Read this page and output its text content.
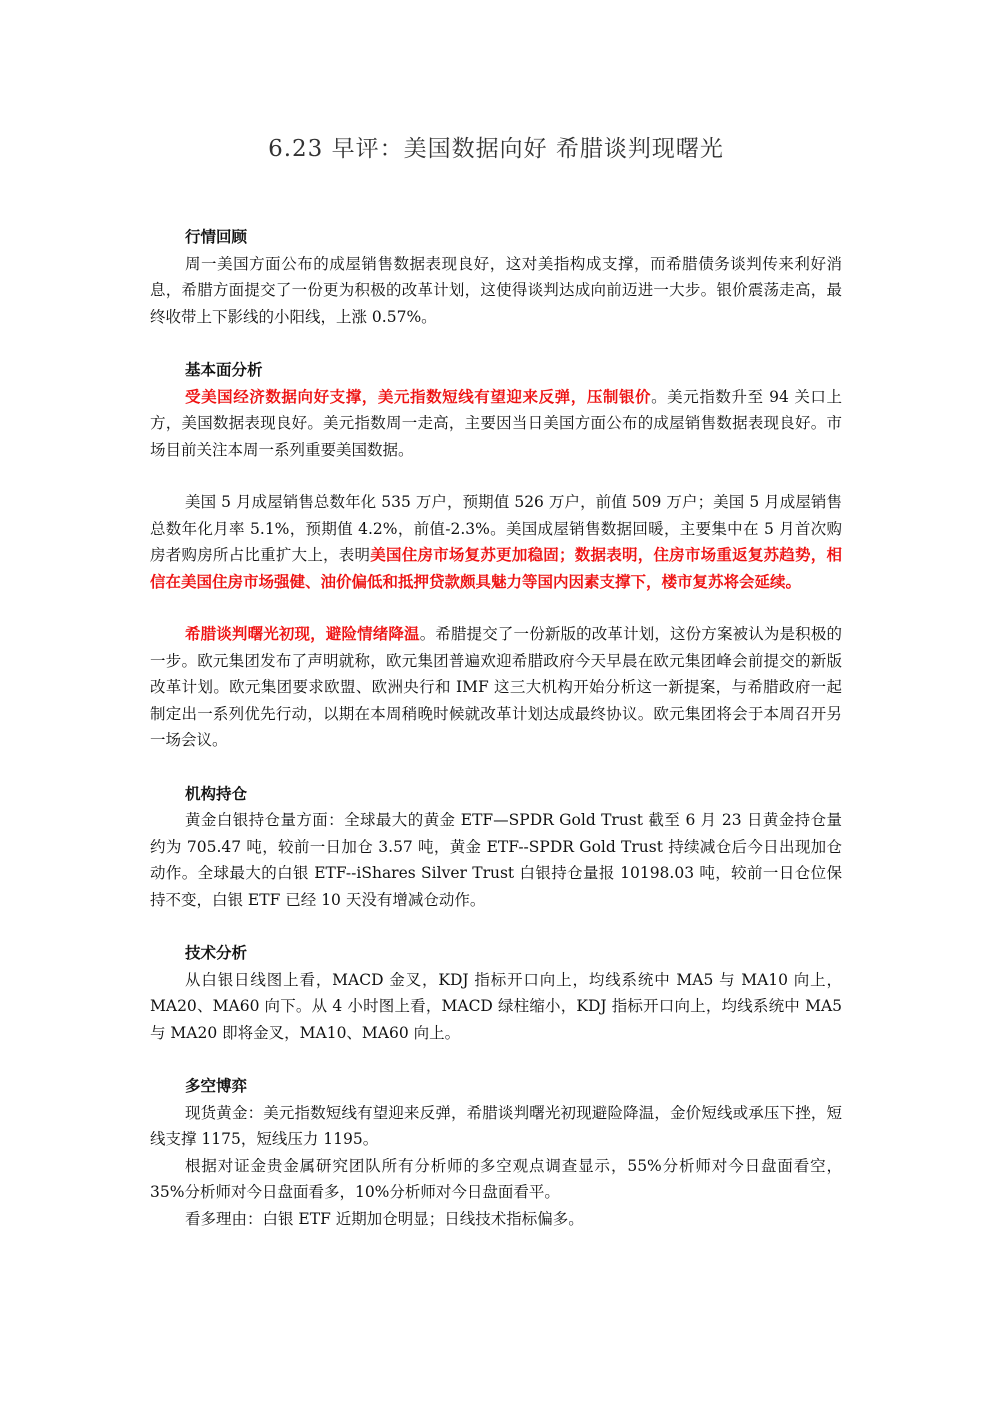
6.23 早评：美国数据向好 希腊谈判现曙光
行情回顾

周一美国方面公布的成屋销售数据表现良好，这对美指构成支撑，而希腊债务谈判传来利好消息，希腊方面提交了一份更为积极的改革计划，这使得谈判达成向前迈进一大步。银价震荡走高，最终收带上下影线的小阳线，上涨 0.57%。

基本面分析

受美国经济数据向好支撑，美元指数短线有望迎来反弹，压制银价。美元指数升至 94 关口上方，美国数据表现良好。美元指数周一走高，主要因当日美国方面公布的成屋销售数据表现良好。市场目前关注本周一系列重要美国数据。

美国 5 月成屋销售总数年化 535 万户，预期值 526 万户，前值 509 万户；美国 5 月成屋销售总数年化月率 5.1%，预期值 4.2%，前值-2.3%。美国成屋销售数据回暖，主要集中在 5 月首次购房者购房所占比重扩大上，表明美国住房市场复苏更加稳固；数据表明，住房市场重返复苏趋势，相信在美国住房市场强健、油价偏低和抵押贷款颇具魅力等国内因素支撑下，楼市复苏将会延续。

希腊谈判曙光初现，避险情绪降温。希腊提交了一份新版的改革计划，这份方案被认为是积极的一步。欧元集团发布了声明就称，欧元集团普遍欢迎希腊政府今天早晨在欧元集团峰会前提交的新版改革计划。欧元集团要求欧盟、欧洲央行和 IMF 这三大机构开始分析这一新提案，与希腊政府一起制定出一系列优先行动，以期在本周稍晚时候就改革计划达成最终协议。欧元集团将会于本周召开另一场会议。

机构持仓

黄金白银持仓量方面：全球最大的黄金 ETF—SPDR Gold Trust 截至 6 月 23 日黄金持仓量约为 705.47 吨，较前一日加仓 3.57 吨，黄金 ETF--SPDR Gold Trust 持续减仓后今日出现加仓动作。全球最大的白银 ETF--iShares Silver Trust 白银持仓量报 10198.03 吨，较前一日仓位保持不变，白银 ETF 已经 10 天没有增减仓动作。

技术分析

从白银日线图上看，MACD 金叉，KDJ 指标开口向上，均线系统中 MA5 与 MA10 向上，MA20、MA60 向下。从 4 小时图上看，MACD 绿柱缩小，KDJ 指标开口向上，均线系统中 MA5 与 MA20 即将金叉，MA10、MA60 向上。

多空博弈

现货黄金：美元指数短线有望迎来反弹，希腊谈判曙光初现避险降温，金价短线或承压下挫，短线支撑 1175，短线压力 1195。

根据对证金贵金属研究团队所有分析师的多空观点调查显示，55%分析师对今日盘面看空，35%分析师对今日盘面看多，10%分析师对今日盘面看平。

看多理由：白银 ETF 近期加仓明显；日线技术指标偏多。
